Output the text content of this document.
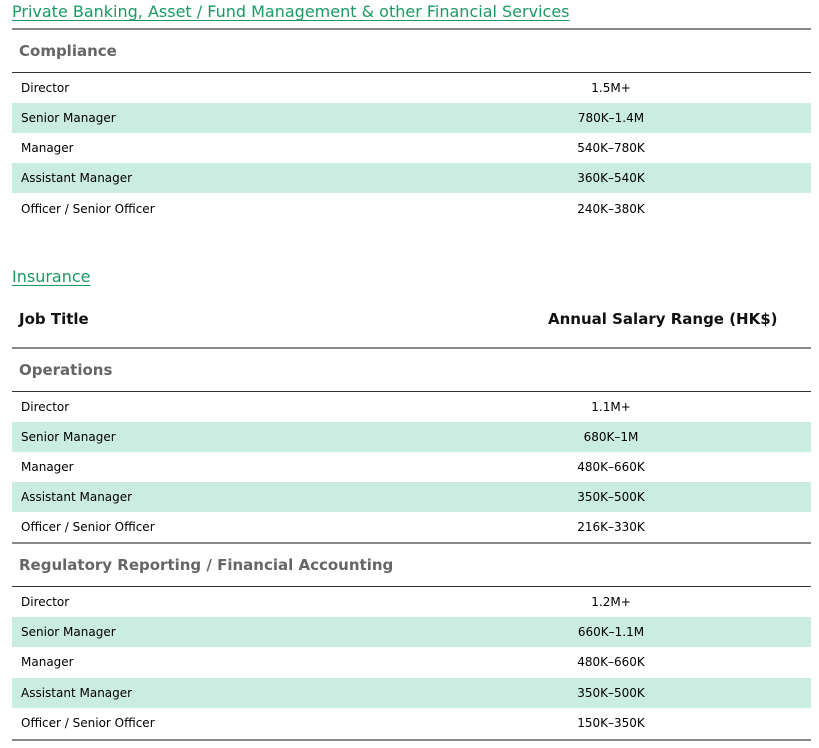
Private Banking, Asset / Fund Management & other Financial Services
Compliance
Director	1.5M+
Senior Manager	780K–1.4M
Manager	540K–780K
Assistant Manager	360K–540K
Officer / Senior Officer	240K–380K
Insurance
Job Title	Annual Salary Range (HK$)
Operations
Director	1.1M+
Senior Manager	680K–1M
Manager	480K–660K
Assistant Manager	350K–500K
Officer / Senior Officer	216K–330K
Regulatory Reporting / Financial Accounting
Director	1.2M+
Senior Manager	660K–1.1M
Manager	480K–660K
Assistant Manager	350K–500K
Officer / Senior Officer	150K–350K
